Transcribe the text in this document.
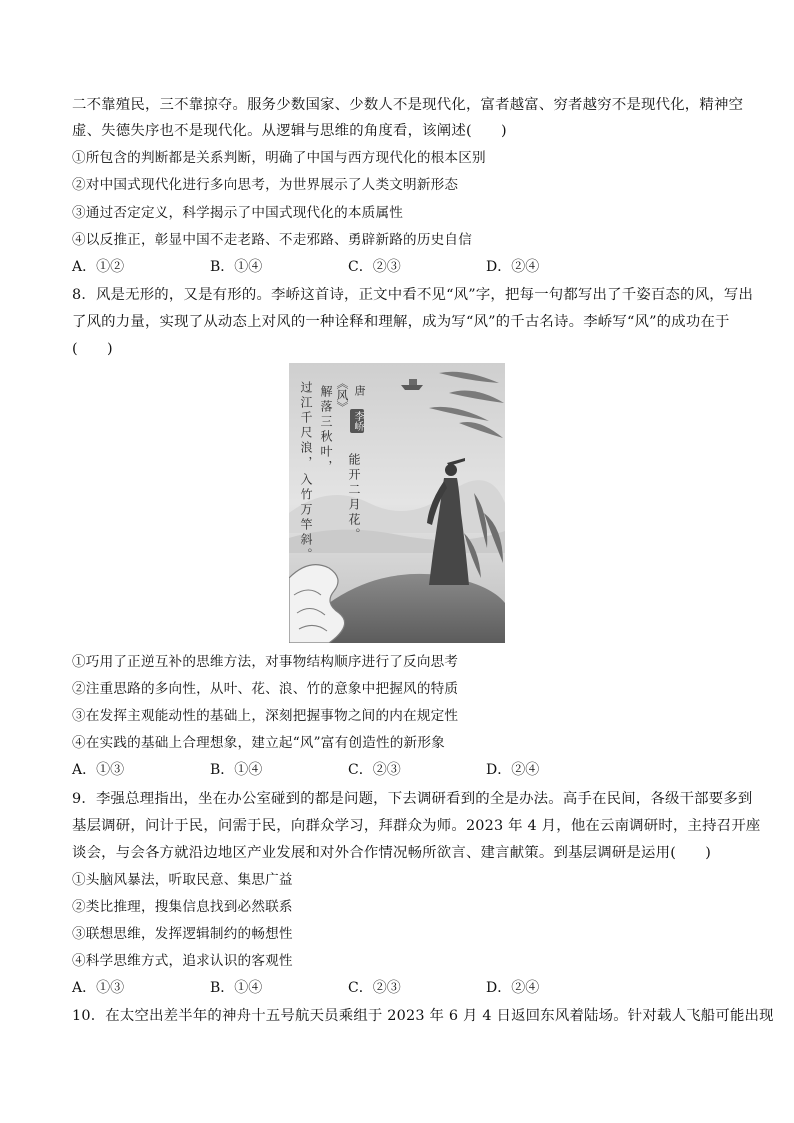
二不靠殖民，三不靠掠夺。服务少数国家、少数人不是现代化，富者越富、穷者越穷不是现代化，精神空
虚、失德失序也不是现代化。从逻辑与思维的角度看，该阐述(　　)
①所包含的判断都是关系判断，明确了中国与西方现代化的根本区别
②对中国式现代化进行多向思考，为世界展示了人类文明新形态
③通过否定定义，科学揭示了中国式现代化的本质属性
④以反推正，彰显中国不走老路、不走邪路、勇辟新路的历史自信
A．①②	B．①④	C．②③	D．②④
8．风是无形的，又是有形的。李峤这首诗，正文中看不见“风”字，把每一句都写出了千姿百态的风，写出
了风的力量，实现了从动态上对风的一种诠释和理解，成为写“风”的千古名诗。李峤写“风”的成功在于
(　　)
《风》 唐
李峤
解落三秋叶，
能开二月花。
过江千尺浪，
入竹万竿斜。
①巧用了正逆互补的思维方法，对事物结构顺序进行了反向思考
②注重思路的多向性，从叶、花、浪、竹的意象中把握风的特质
③在发挥主观能动性的基础上，深刻把握事物之间的内在规定性
④在实践的基础上合理想象，建立起“风”富有创造性的新形象
A．①③	B．①④	C．②③	D．②④
9．李强总理指出，坐在办公室碰到的都是问题，下去调研看到的全是办法。高手在民间，各级干部要多到
基层调研，问计于民，问需于民，向群众学习，拜群众为师。2023 年 4 月，他在云南调研时，主持召开座
谈会，与会各方就沿边地区产业发展和对外合作情况畅所欲言、建言献策。到基层调研是运用(　　)
①头脑风暴法，听取民意、集思广益
②类比推理，搜集信息找到必然联系
③联想思维，发挥逻辑制约的畅想性
④科学思维方式，追求认识的客观性
A．①③	B．①④	C．②③	D．②④
10．在太空出差半年的神舟十五号航天员乘组于 2023 年 6 月 4 日返回东风着陆场。针对载人飞船可能出现
